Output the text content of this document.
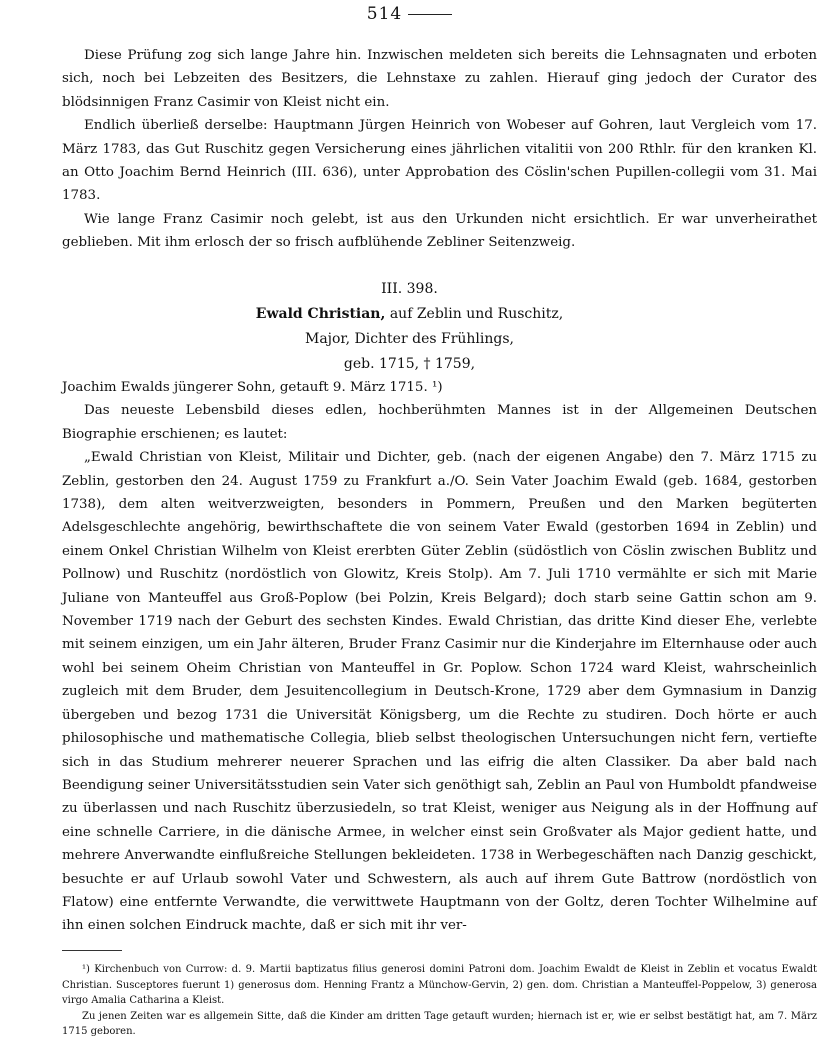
514

Diese Prüfung zog sich lange Jahre hin. Inzwischen meldeten sich bereits die Lehnsagnaten und erboten sich, noch bei Lebzeiten des Besitzers, die Lehnstaxe zu zahlen. Hierauf ging jedoch der Curator des blödsinnigen Franz Casimir von Kleist nicht ein.

Endlich überließ derselbe: Hauptmann Jürgen Heinrich von Wobeser auf Gohren, laut Vergleich vom 17. März 1783, das Gut Ruschitz gegen Versicherung eines jährlichen vitalitii von 200 Rthlr. für den kranken Kl. an Otto Joachim Bernd Heinrich (III. 636), unter Approbation des Cöslin'schen Pupillen-collegii vom 31. Mai 1783.

Wie lange Franz Casimir noch gelebt, ist aus den Urkunden nicht ersichtlich. Er war unverheirathet geblieben. Mit ihm erlosch der so frisch aufblühende Zebliner Seitenzweig.

III. 398.
Ewald Christian, auf Zeblin und Ruschitz,
Major, Dichter des Frühlings,
geb. 1715, † 1759,

Joachim Ewalds jüngerer Sohn, getauft 9. März 1715. ¹)

Das neueste Lebensbild dieses edlen, hochberühmten Mannes ist in der Allgemeinen Deutschen Biographie erschienen; es lautet:

„Ewald Christian von Kleist, Militair und Dichter, geb. (nach der eigenen Angabe) den 7. März 1715 zu Zeblin, gestorben den 24. August 1759 zu Frankfurt a./O. Sein Vater Joachim Ewald (geb. 1684, gestorben 1738), dem alten weitverzweigten, besonders in Pommern, Preußen und den Marken begüterten Adelsgeschlechte angehörig, bewirthschaftete die von seinem Vater Ewald (gestorben 1694 in Zeblin) und einem Onkel Christian Wilhelm von Kleist ererbten Güter Zeblin (südöstlich von Cöslin zwischen Bublitz und Pollnow) und Ruschitz (nordöstlich von Glowitz, Kreis Stolp). Am 7. Juli 1710 vermählte er sich mit Marie Juliane von Manteuffel aus Groß-Poplow (bei Polzin, Kreis Belgard); doch starb seine Gattin schon am 9. November 1719 nach der Geburt des sechsten Kindes. Ewald Christian, das dritte Kind dieser Ehe, verlebte mit seinem einzigen, um ein Jahr älteren, Bruder Franz Casimir nur die Kinderjahre im Elternhause oder auch wohl bei seinem Oheim Christian von Manteuffel in Gr. Poplow. Schon 1724 ward Kleist, wahrscheinlich zugleich mit dem Bruder, dem Jesuitencollegium in Deutsch-Krone, 1729 aber dem Gymnasium in Danzig übergeben und bezog 1731 die Universität Königsberg, um die Rechte zu studiren. Doch hörte er auch philosophische und mathematische Collegia, blieb selbst theologischen Untersuchungen nicht fern, vertiefte sich in das Studium mehrerer neuerer Sprachen und las eifrig die alten Classiker. Da aber bald nach Beendigung seiner Universitätsstudien sein Vater sich genöthigt sah, Zeblin an Paul von Humboldt pfandweise zu überlassen und nach Ruschitz überzusiedeln, so trat Kleist, weniger aus Neigung als in der Hoffnung auf eine schnelle Carriere, in die dänische Armee, in welcher einst sein Großvater als Major gedient hatte, und mehrere Anverwandte einflußreiche Stellungen bekleideten. 1738 in Werbegeschäften nach Danzig geschickt, besuchte er auf Urlaub sowohl Vater und Schwestern, als auch auf ihrem Gute Battrow (nordöstlich von Flatow) eine entfernte Verwandte, die verwittwete Hauptmann von der Goltz, deren Tochter Wilhelmine auf ihn einen solchen Eindruck machte, daß er sich mit ihr ver-

¹) Kirchenbuch von Currow: d. 9. Martii baptizatus filius generosi domini Patroni dom. Joachim Ewaldt de Kleist in Zeblin et vocatus Ewaldt Christian. Susceptores fuerunt 1) generosus dom. Henning Frantz a Münchow-Gervin, 2) gen. dom. Christian a Manteuffel-Poppelow, 3) generosa virgo Amalia Catharina a Kleist.

Zu jenen Zeiten war es allgemein Sitte, daß die Kinder am dritten Tage getauft wurden; hiernach ist er, wie er selbst bestätigt hat, am 7. März 1715 geboren.
